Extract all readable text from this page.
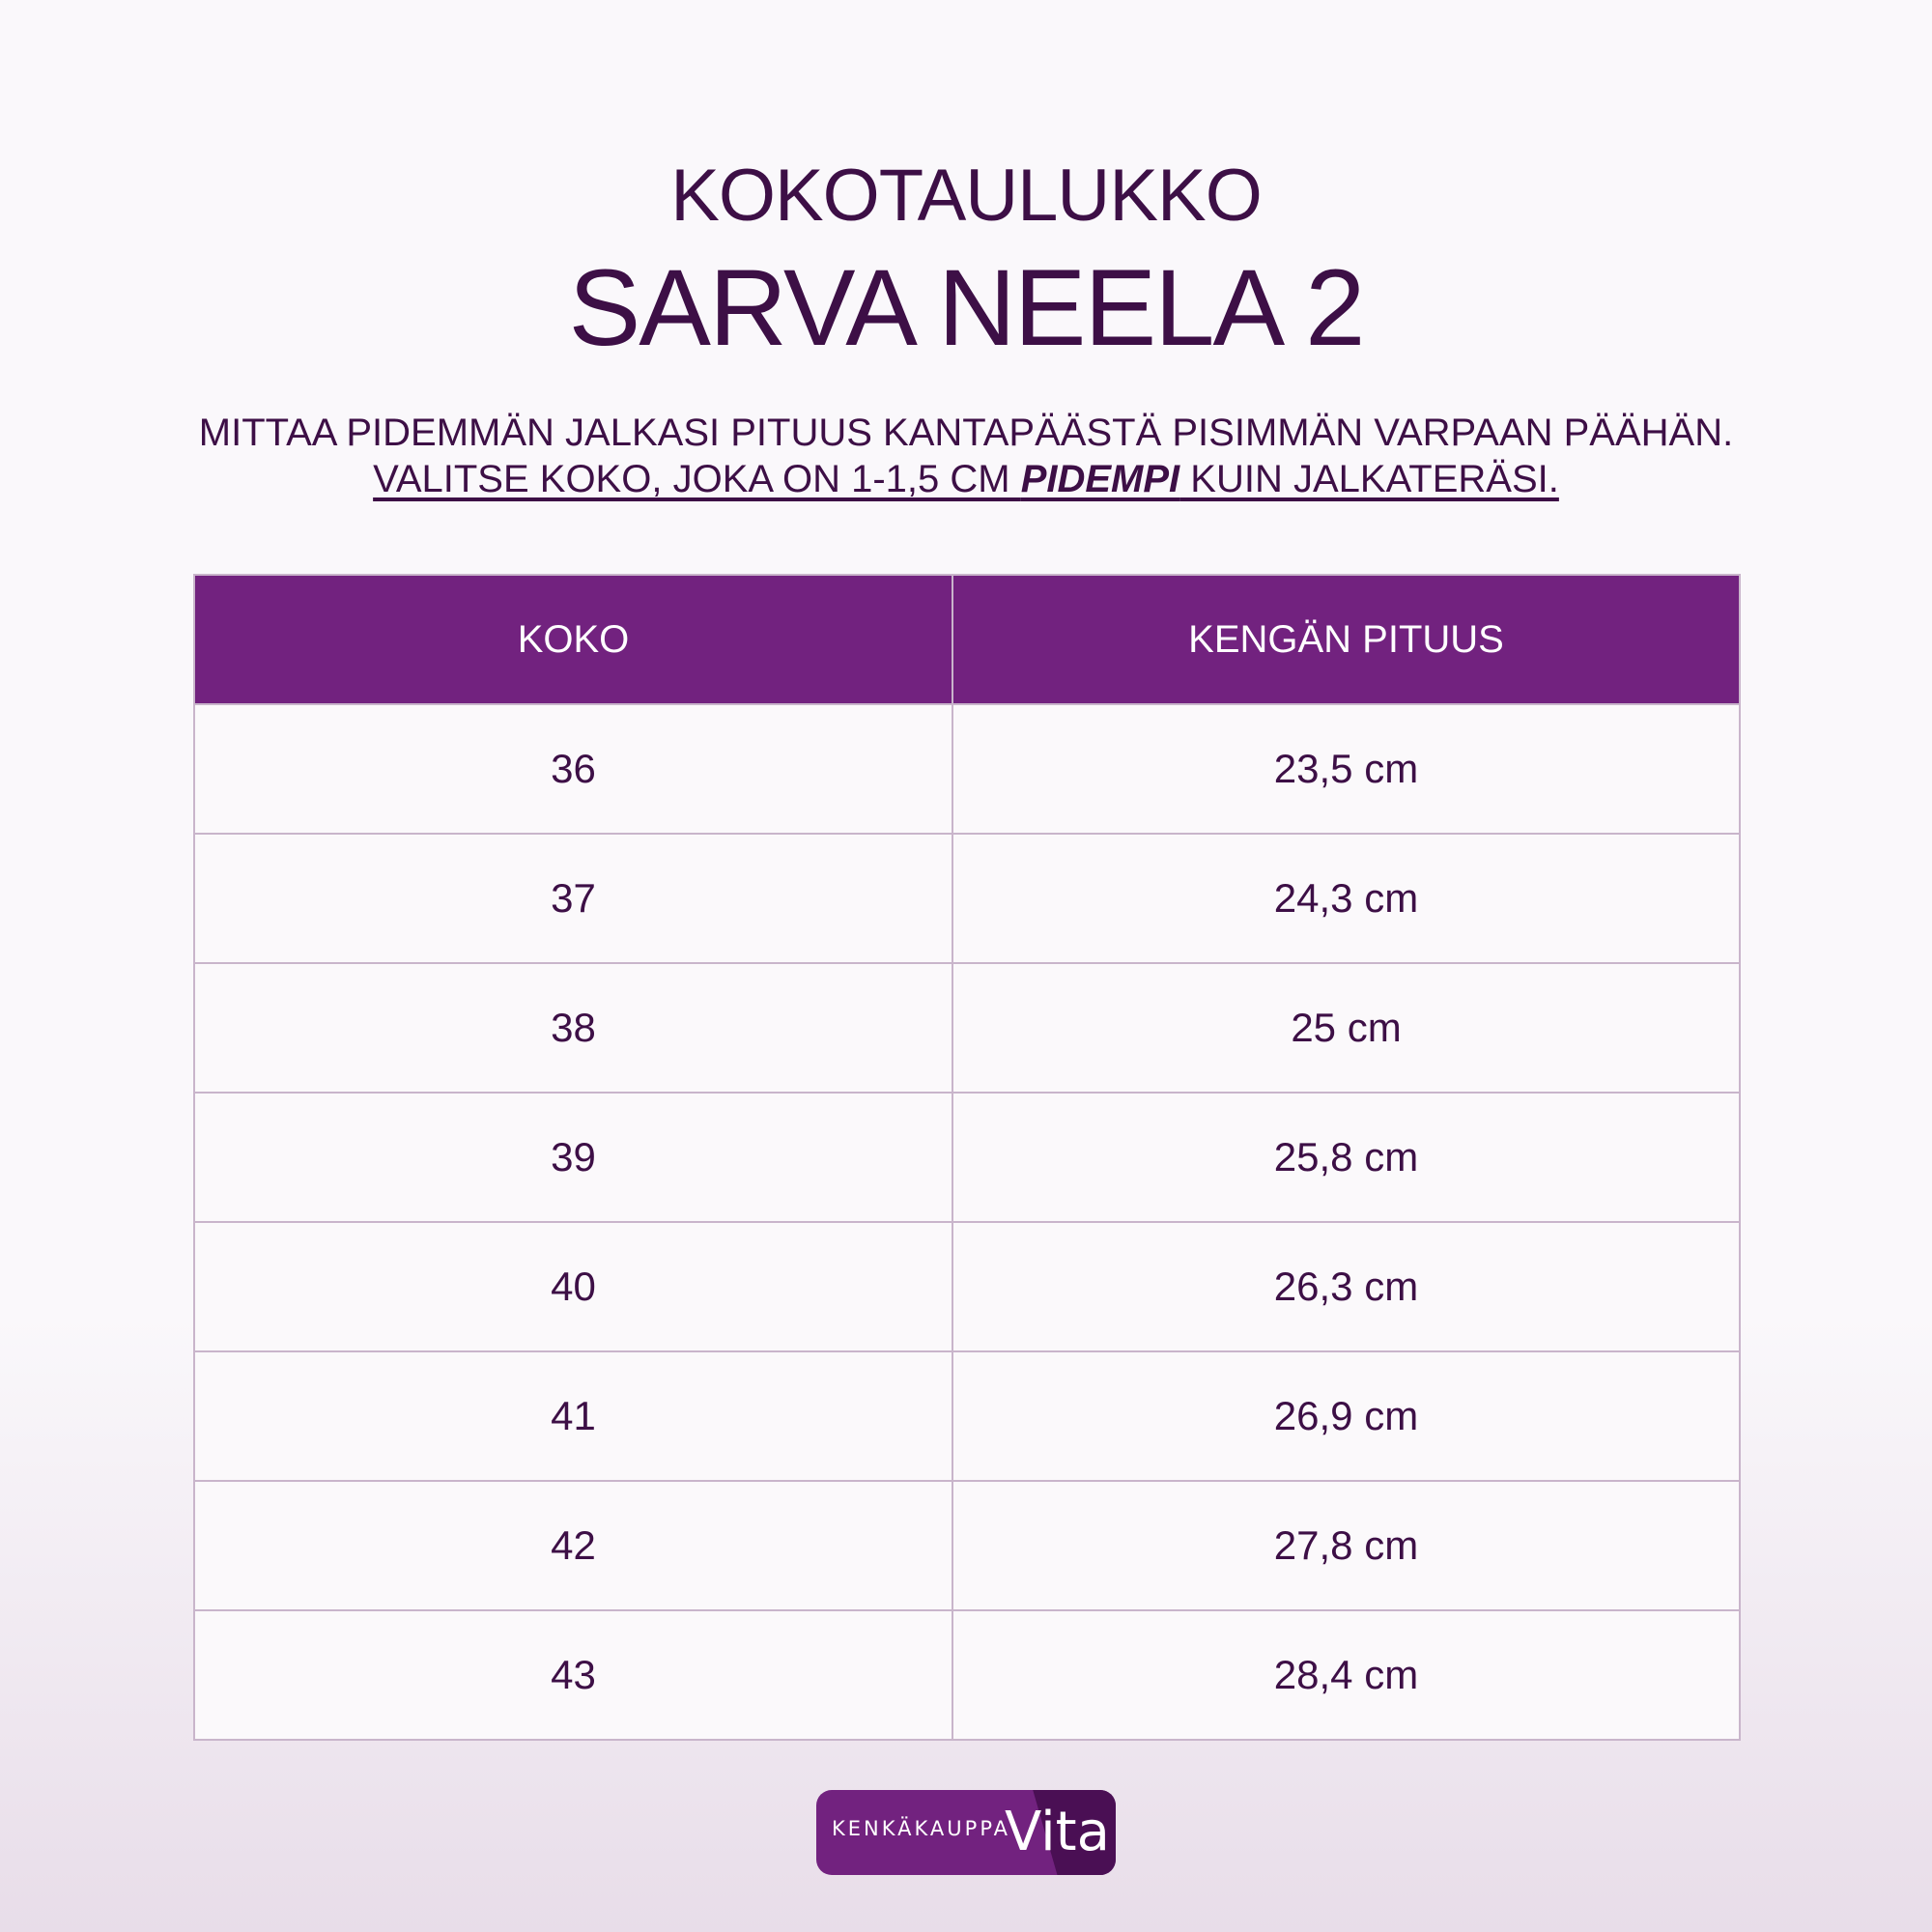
KOKOTAULUKKO
SARVA NEELA 2
MITTAA PIDEMMÄN JALKASI PITUUS KANTAPÄÄSTÄ PISIMMÄN VARPAAN PÄÄHÄN.
VALITSE KOKO, JOKA ON 1-1,5 CM PIDEMPI KUIN JALKATERÄSI.
KOKO	KENGÄN PITUUS
36	23,5 cm
37	24,3 cm
38	25 cm
39	25,8 cm
40	26,3 cm
41	26,9 cm
42	27,8 cm
43	28,4 cm
KENKÄKAUPPA
Vita
